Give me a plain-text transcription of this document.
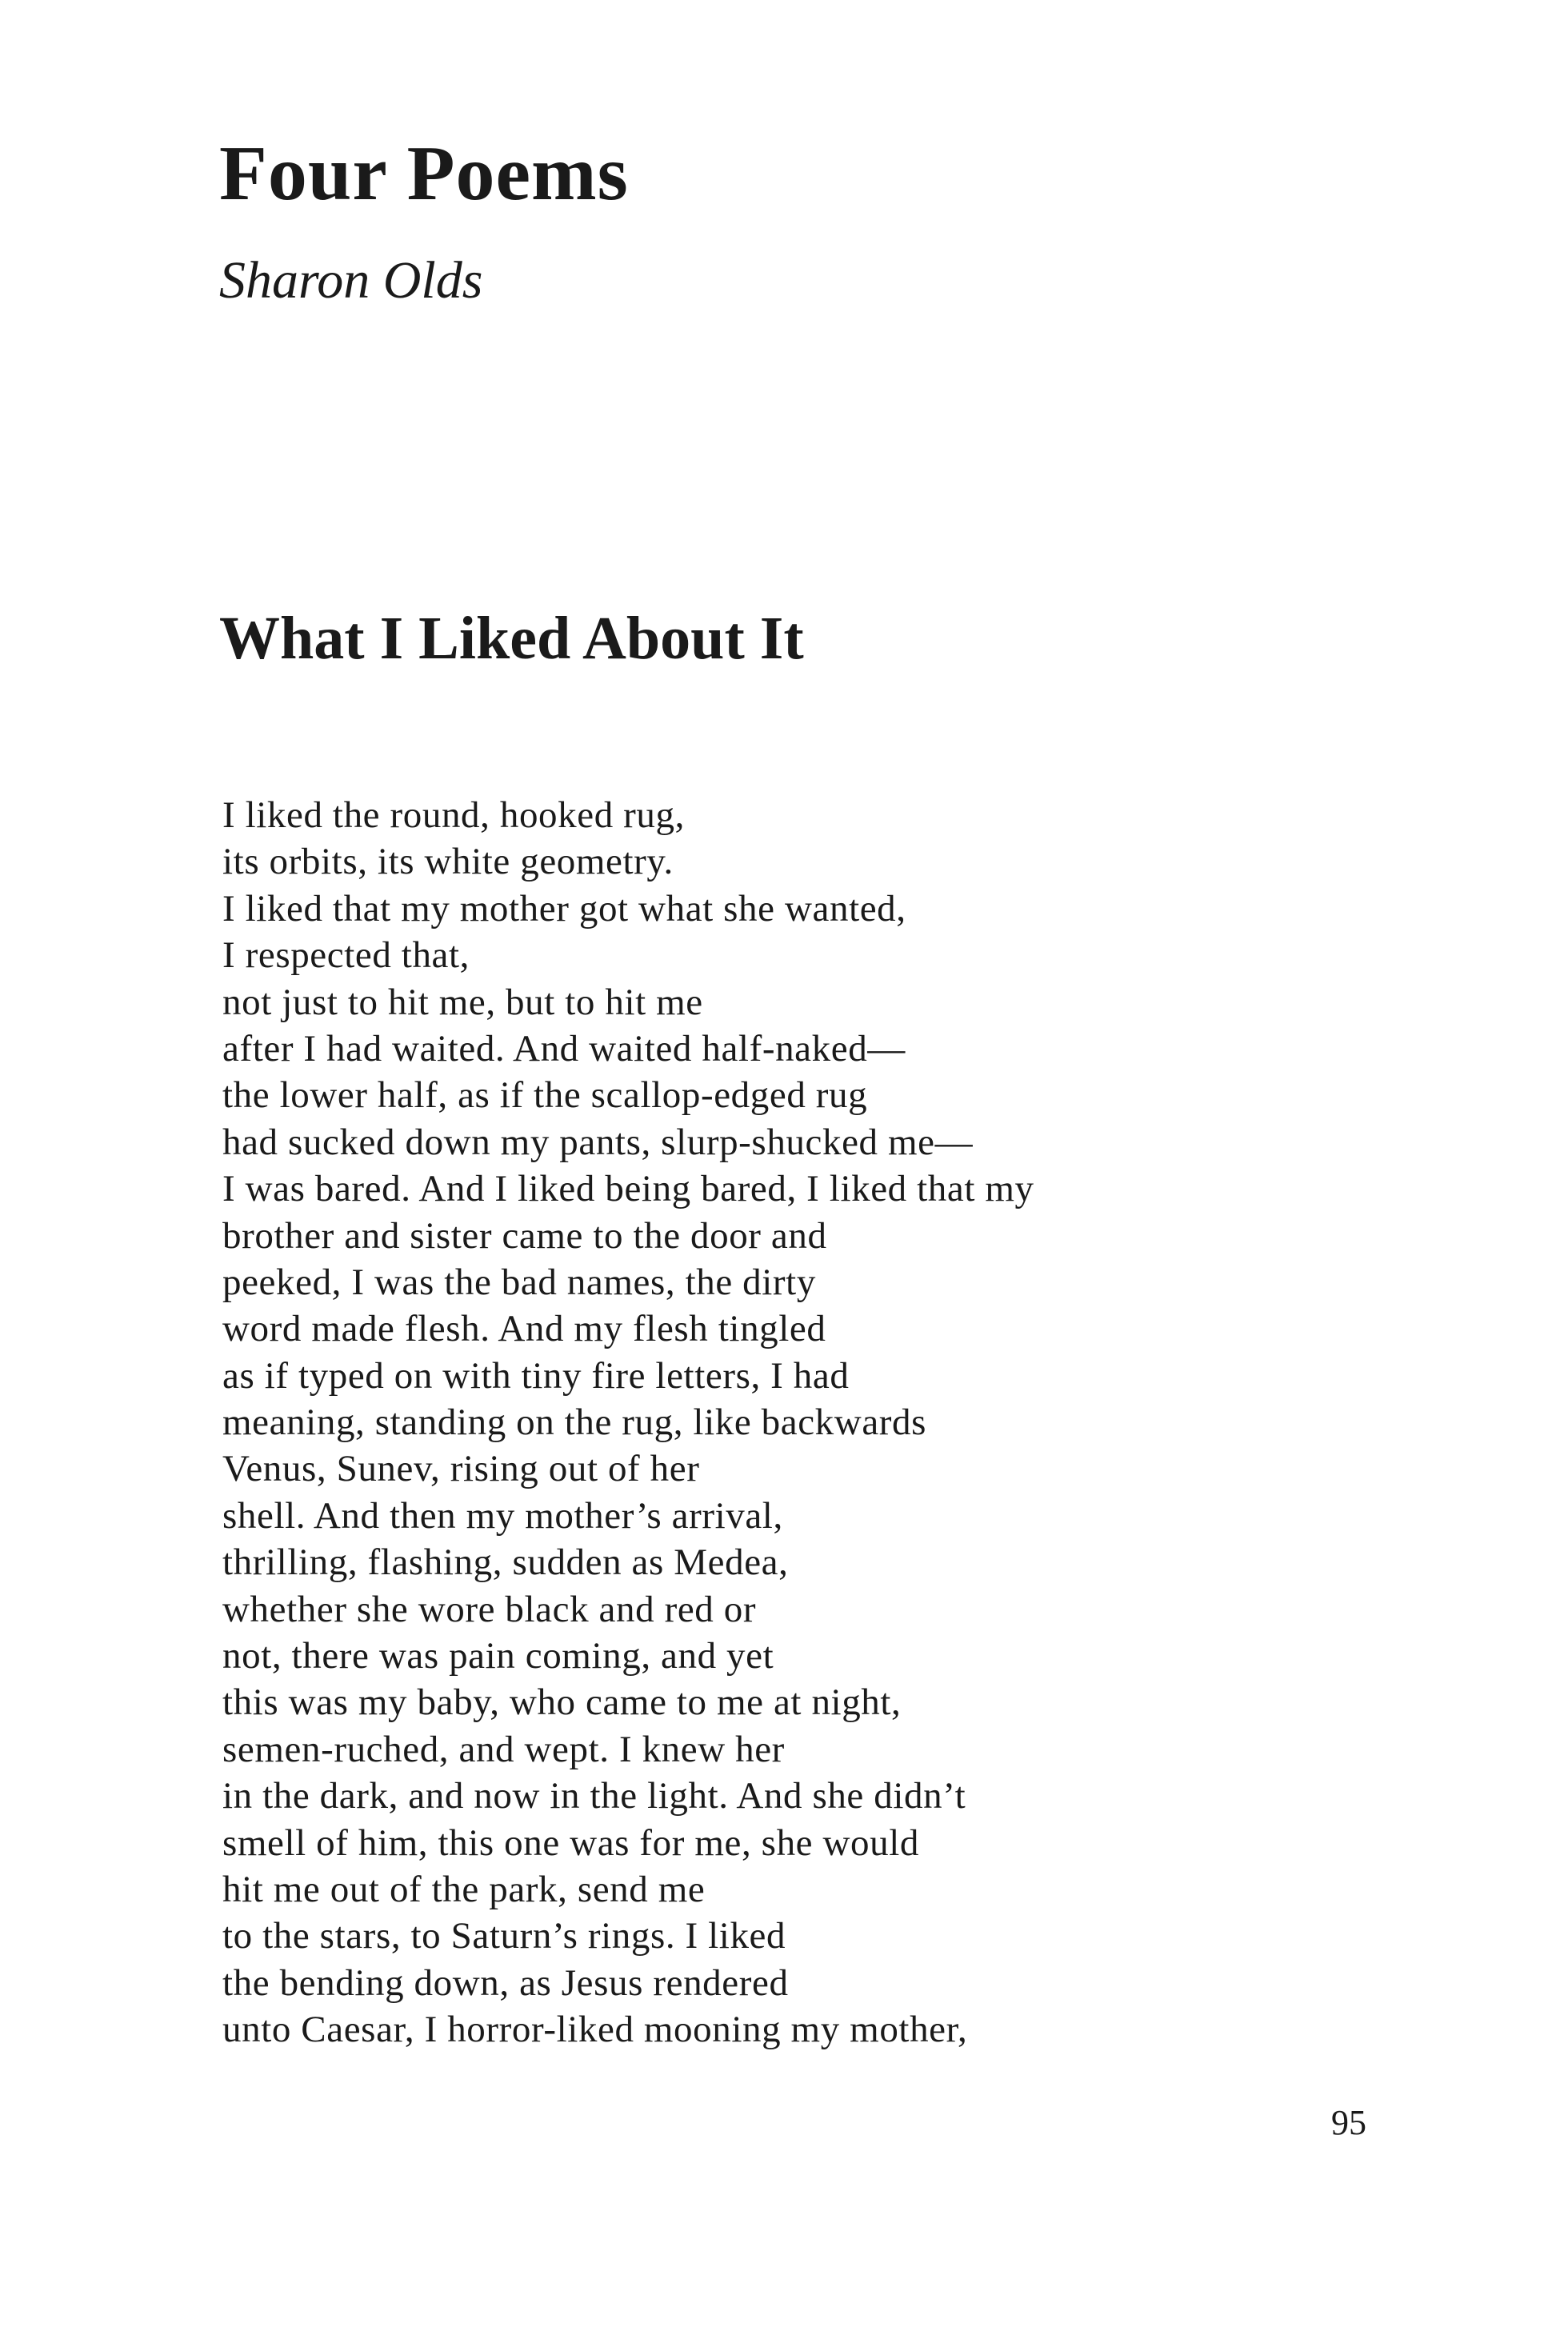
Four Poems

Sharon Olds

What I Liked About It
I liked the round, hooked rug,
its orbits, its white geometry.
I liked that my mother got what she wanted,
I respected that,
not just to hit me, but to hit me
after I had waited. And waited half-naked—
the lower half, as if the scallop-edged rug
had sucked down my pants, slurp-shucked me—
I was bared. And I liked being bared, I liked that my
brother and sister came to the door and
peeked, I was the bad names, the dirty
word made flesh. And my flesh tingled
as if typed on with tiny fire letters, I had
meaning, standing on the rug, like backwards
Venus, Sunev, rising out of her
shell. And then my mother’s arrival,
thrilling, flashing, sudden as Medea,
whether she wore black and red or
not, there was pain coming, and yet
this was my baby, who came to me at night,
semen-ruched, and wept. I knew her
in the dark, and now in the light. And she didn’t
smell of him, this one was for me, she would
hit me out of the park, send me
to the stars, to Saturn’s rings. I liked
the bending down, as Jesus rendered
unto Caesar, I horror-liked mooning my mother,
95
